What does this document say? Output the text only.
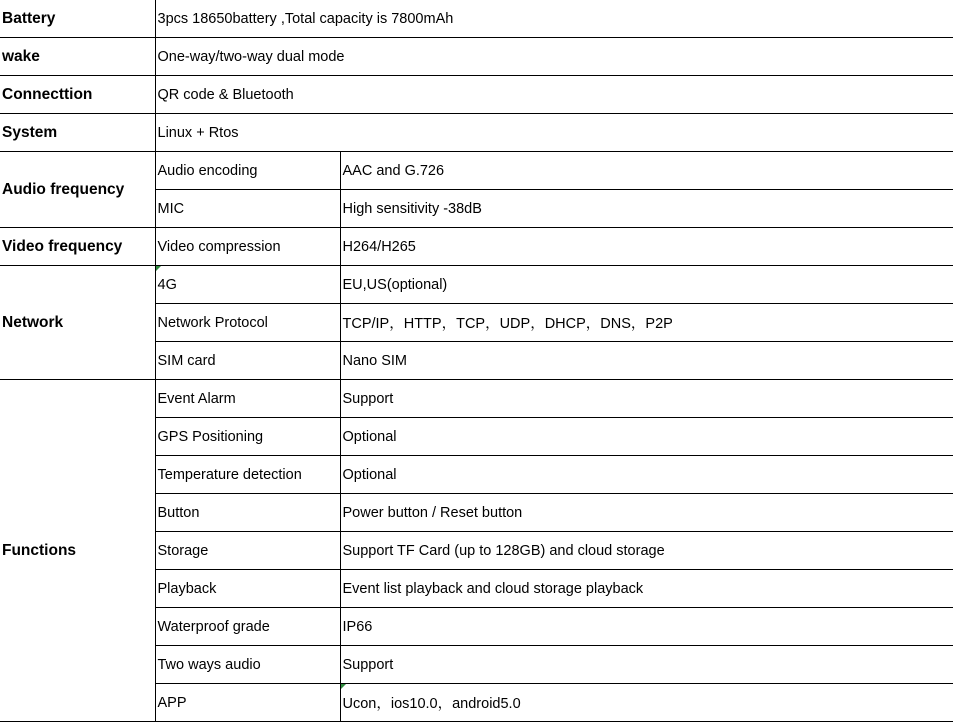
Battery	3pcs 18650battery ,Total capacity is 7800mAh	
wake	One-way/two-way dual mode	
Connecttion	QR code & Bluetooth	
System	Linux + Rtos	
Audio frequency	Audio encoding	AAC and G.726
	MIC	High sensitivity -38dB
Video frequency	Video compression	H264/H265
Network	4G	EU,US(optional)
	Network Protocol	TCP/IP，HTTP，TCP，UDP，DHCP，DNS，P2P
	SIM card	Nano SIM
Functions	Event Alarm	Support
	GPS Positioning	Optional
	Temperature detection	Optional
	Button	Power button / Reset button
	Storage	Support TF Card (up to 128GB) and cloud storage
	Playback	Event list playback and cloud storage playback
	Waterproof grade	IP66
	Two ways audio	Support
	APP	Ucon，ios10.0，android5.0
